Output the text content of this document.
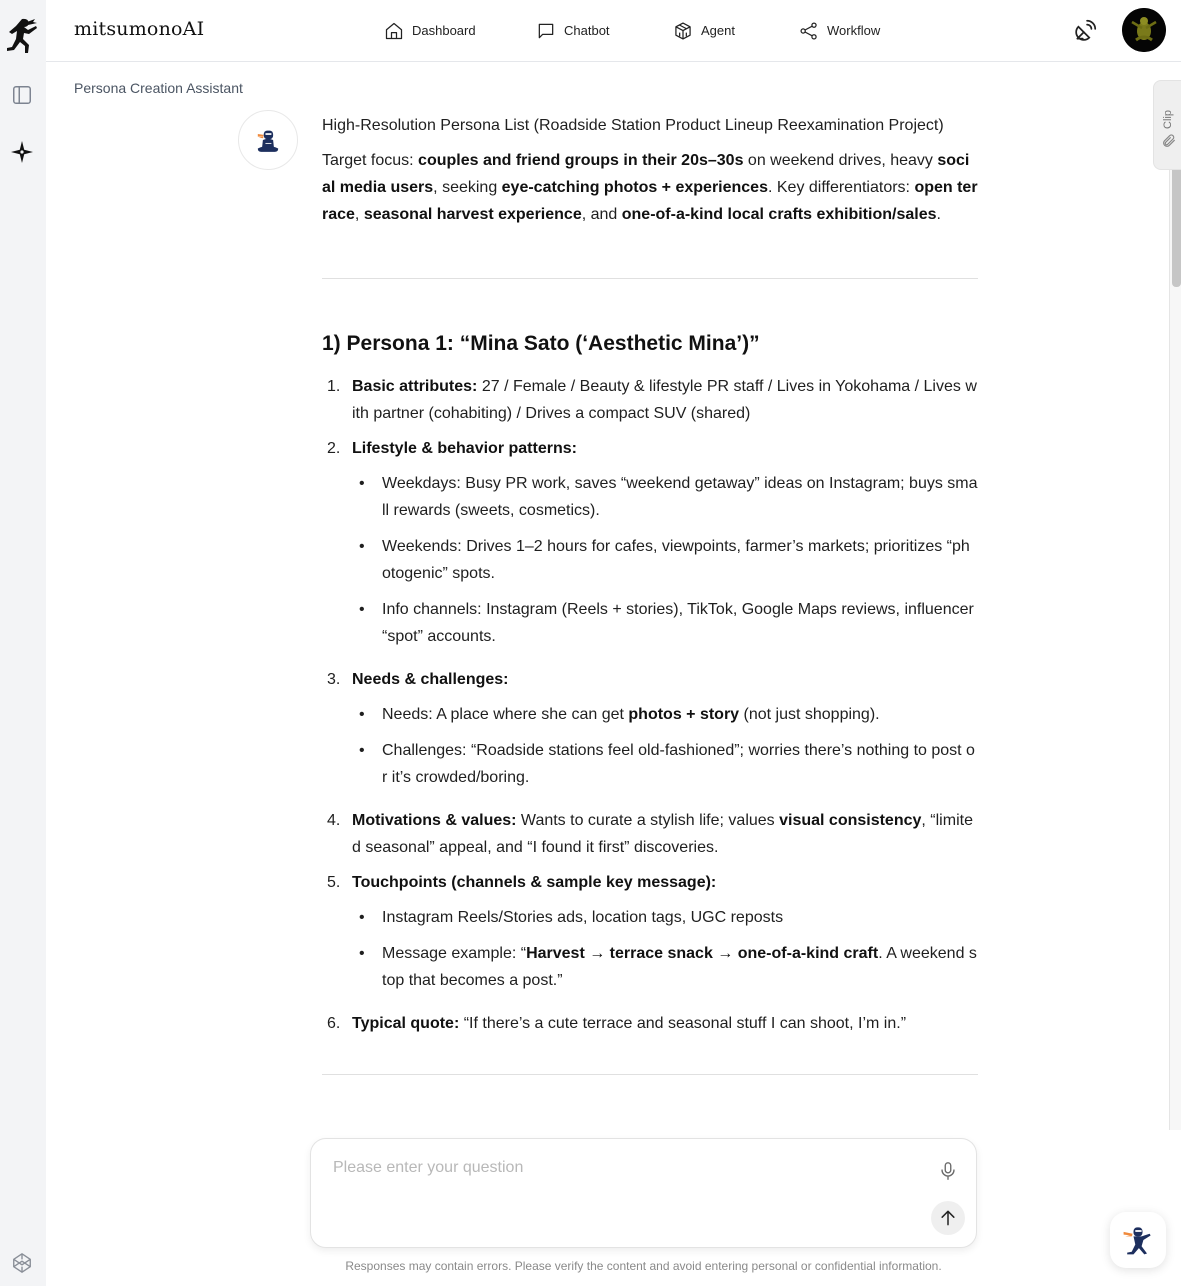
mitsumonoAI	Dashboard	Chatbot	Agent	Workflow
Persona Creation Assistant
Clip

High-Resolution Persona List (Roadside Station Product Lineup Reexamination Project)

Target focus: couples and friend groups in their 20s–30s on weekend drives, heavy social media users, seeking eye-catching photos + experiences. Key differentiators: open terrace, seasonal harvest experience, and one-of-a-kind local crafts exhibition/sales.

1) Persona 1: “Mina Sato (‘Aesthetic Mina’)”
1. Basic attributes: 27 / Female / Beauty & lifestyle PR staff / Lives in Yokohama / Lives with partner (cohabiting) / Drives a compact SUV (shared)
2. Lifestyle & behavior patterns:
• Weekdays: Busy PR work, saves “weekend getaway” ideas on Instagram; buys small rewards (sweets, cosmetics).
• Weekends: Drives 1–2 hours for cafes, viewpoints, farmer’s markets; prioritizes “photogenic” spots.
• Info channels: Instagram (Reels + stories), TikTok, Google Maps reviews, influencer “spot” accounts.
3. Needs & challenges:
• Needs: A place where she can get photos + story (not just shopping).
• Challenges: “Roadside stations feel old-fashioned”; worries there’s nothing to post or it’s crowded/boring.
4. Motivations & values: Wants to curate a stylish life; values visual consistency, “limited seasonal” appeal, and “I found it first” discoveries.
5. Touchpoints (channels & sample key message):
• Instagram Reels/Stories ads, location tags, UGC reposts
• Message example: “Harvest → terrace snack → one-of-a-kind craft. A weekend stop that becomes a post.”
6. Typical quote: “If there’s a cute terrace and seasonal stuff I can shoot, I’m in.”
Please enter your question
Responses may contain errors. Please verify the content and avoid entering personal or confidential information.
